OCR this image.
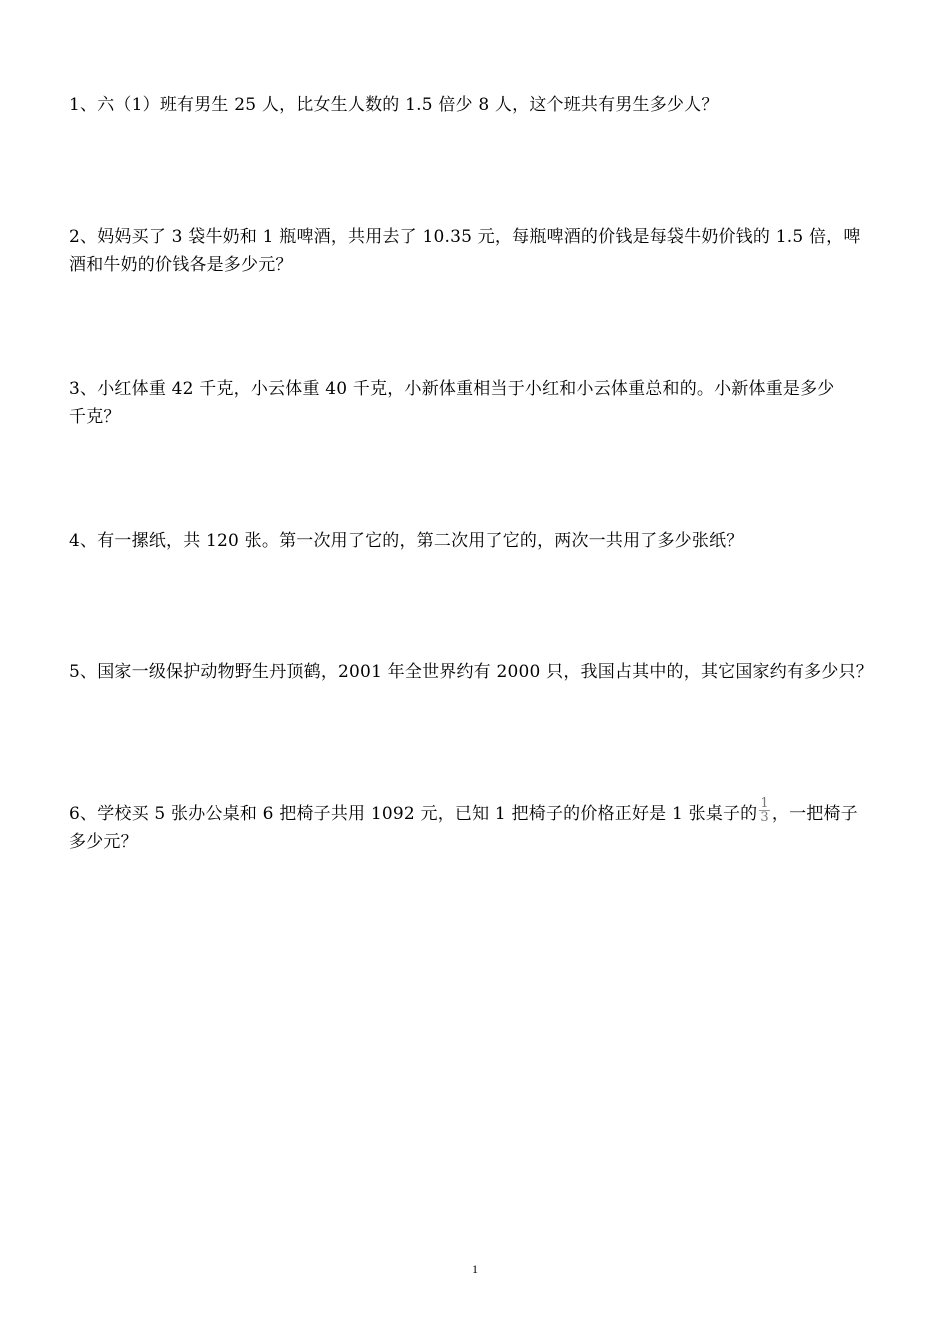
1、六（1）班有男生 25 人，比女生人数的 1.5 倍少 8 人，这个班共有男生多少人？
2、妈妈买了 3 袋牛奶和 1 瓶啤酒，共用去了 10.35 元，每瓶啤酒的价钱是每袋牛奶价钱的 1.5 倍，啤
酒和牛奶的价钱各是多少元？
3、小红体重 42 千克，小云体重 40 千克，小新体重相当于小红和小云体重总和的。小新体重是多少
千克？
4、有一摞纸，共 120 张。第一次用了它的，第二次用了它的，两次一共用了多少张纸？
5、国家一级保护动物野生丹顶鹤，2001 年全世界约有 2000 只，我国占其中的，其它国家约有多少只？
6、学校买 5 张办公桌和 6 把椅子共用 1092 元，已知 1 把椅子的价格正好是 1 张桌子的 $\frac{1}{3}$ ，一把椅子
多少元？
1
